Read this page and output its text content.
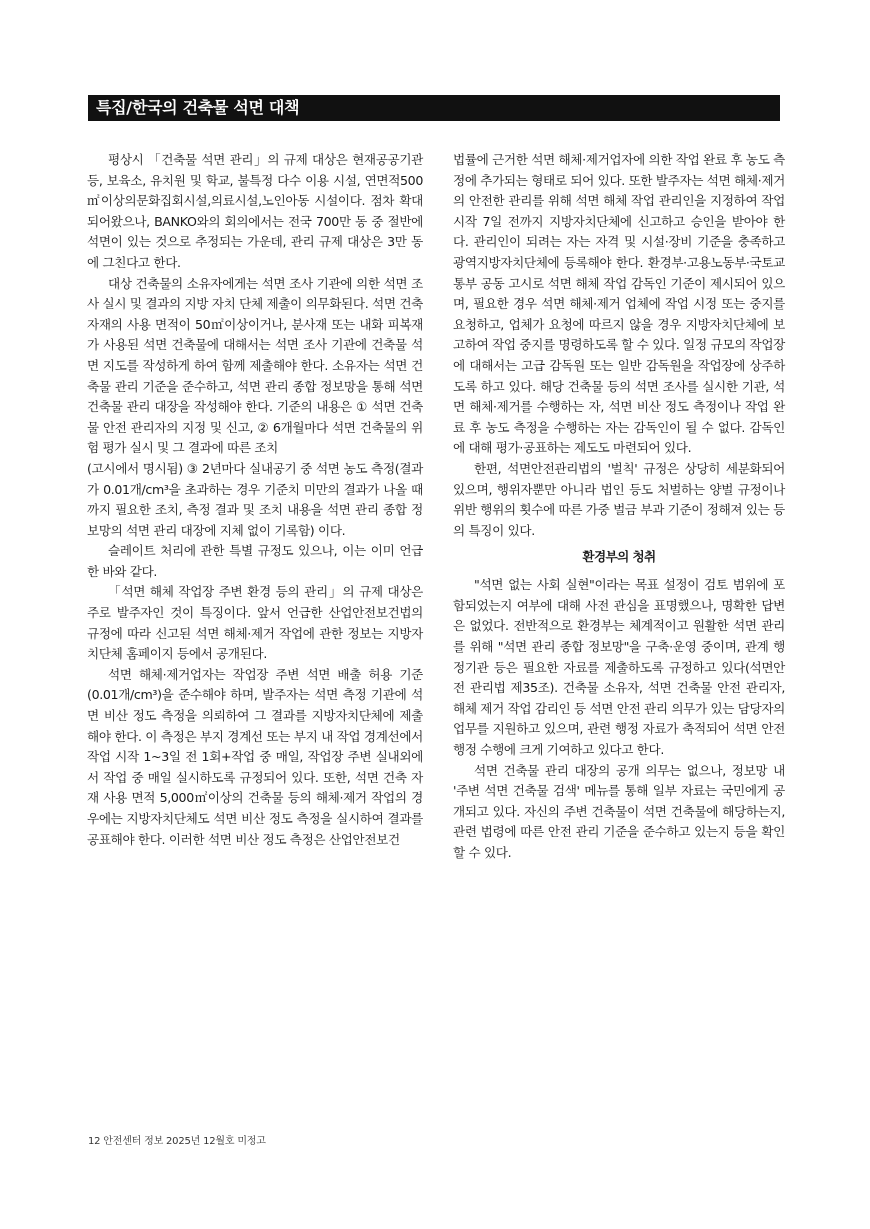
특집/한국의 건축물 석면 대책

평상시 「건축물 석면 관리」의 규제 대상은 현재공공기관 등, 보육소, 유치원 및 학교, 불특정 다수 이용 시설, 연면적500㎡이상의문화집회시설,의료시설,노인아동 시설이다. 점차 확대되어왔으나, BANKO와의 회의에서는 전국 700만 동 중 절반에 석면이 있는 것으로 추정되는 가운데, 관리 규제 대상은 3만 동에 그친다고 한다.

대상 건축물의 소유자에게는 석면 조사 기관에 의한 석면 조사 실시 및 결과의 지방 자치 단체 제출이 의무화된다. 석면 건축 자재의 사용 면적이 50㎡이상이거나, 분사재 또는 내화 피복재가 사용된 석면 건축물에 대해서는 석면 조사 기관에 건축물 석면 지도를 작성하게 하여 함께 제출해야 한다. 소유자는 석면 건축물 관리 기준을 준수하고, 석면 관리 종합 정보망을 통해 석면 건축물 관리 대장을 작성해야 한다. 기준의 내용은 ① 석면 건축물 안전 관리자의 지정 및 신고, ② 6개월마다 석면 건축물의 위험 평가 실시 및 그 결과에 따른 조치

(고시에서 명시됨) ③ 2년마다 실내공기 중 석면 농도 측정(결과가 0.01개/cm³을 초과하는 경우 기준치 미만의 결과가 나올 때까지 필요한 조치, 측정 결과 및 조치 내용을 석면 관리 종합 정보망의 석면 관리 대장에 지체 없이 기록함) 이다.

슬레이트 처리에 관한 특별 규정도 있으나, 이는 이미 언급한 바와 같다.

「석면 해체 작업장 주변 환경 등의 관리」의 규제 대상은 주로 발주자인 것이 특징이다. 앞서 언급한 산업안전보건법의 규정에 따라 신고된 석면 해체·제거 작업에 관한 정보는 지방자치단체 홈페이지 등에서 공개된다.

석면 해체·제거업자는 작업장 주변 석면 배출 허용 기준(0.01개/cm³)을 준수해야 하며, 발주자는 석면 측정 기관에 석면 비산 정도 측정을 의뢰하여 그 결과를 지방자치단체에 제출해야 한다. 이 측정은 부지 경계선 또는 부지 내 작업 경계선에서 작업 시작 1~3일 전 1회+작업 중 매일, 작업장 주변 실내외에서 작업 중 매일 실시하도록 규정되어 있다. 또한, 석면 건축 자재 사용 면적 5,000㎡이상의 건축물 등의 해체·제거 작업의 경우에는 지방자치단체도 석면 비산 정도 측정을 실시하여 결과를 공표해야 한다. 이러한 석면 비산 정도 측정은 산업안전보건

법률에 근거한 석면 해체·제거업자에 의한 작업 완료 후 농도 측정에 추가되는 형태로 되어 있다. 또한 발주자는 석면 해체·제거의 안전한 관리를 위해 석면 해체 작업 관리인을 지정하여 작업 시작 7일 전까지 지방자치단체에 신고하고 승인을 받아야 한다. 관리인이 되려는 자는 자격 및 시설·장비 기준을 충족하고 광역지방자치단체에 등록해야 한다. 환경부·고용노동부·국토교통부 공동 고시로 석면 해체 작업 감독인 기준이 제시되어 있으며, 필요한 경우 석면 해체·제거 업체에 작업 시정 또는 중지를 요청하고, 업체가 요청에 따르지 않을 경우 지방자치단체에 보고하여 작업 중지를 명령하도록 할 수 있다. 일정 규모의 작업장에 대해서는 고급 감독원 또는 일반 감독원을 작업장에 상주하도록 하고 있다. 해당 건축물 등의 석면 조사를 실시한 기관, 석면 해체·제거를 수행하는 자, 석면 비산 정도 측정이나 작업 완료 후 농도 측정을 수행하는 자는 감독인이 될 수 없다. 감독인에 대해 평가·공표하는 제도도 마련되어 있다.

한편, 석면안전관리법의 '벌칙' 규정은 상당히 세분화되어 있으며, 행위자뿐만 아니라 법인 등도 처벌하는 양벌 규정이나 위반 행위의 횟수에 따른 가중 벌금 부과 기준이 정해져 있는 등의 특징이 있다.

환경부의 청취

"석면 없는 사회 실현"이라는 목표 설정이 검토 범위에 포함되었는지 여부에 대해 사전 관심을 표명했으나, 명확한 답변은 없었다. 전반적으로 환경부는 체계적이고 원활한 석면 관리를 위해 "석면 관리 종합 정보망"을 구축·운영 중이며, 관계 행정기관 등은 필요한 자료를 제출하도록 규정하고 있다(석면안전 관리법 제35조). 건축물 소유자, 석면 건축물 안전 관리자, 해체 제거 작업 감리인 등 석면 안전 관리 의무가 있는 담당자의 업무를 지원하고 있으며, 관련 행정 자료가 축적되어 석면 안전 행정 수행에 크게 기여하고 있다고 한다.

석면 건축물 관리 대장의 공개 의무는 없으나, 정보망 내 '주변 석면 건축물 검색' 메뉴를 통해 일부 자료는 국민에게 공개되고 있다. 자신의 주변 건축물이 석면 건축물에 해당하는지, 관련 법령에 따른 안전 관리 기준을 준수하고 있는지 등을 확인할 수 있다.

12 안전센터 정보 2025년 12월호 미정고
